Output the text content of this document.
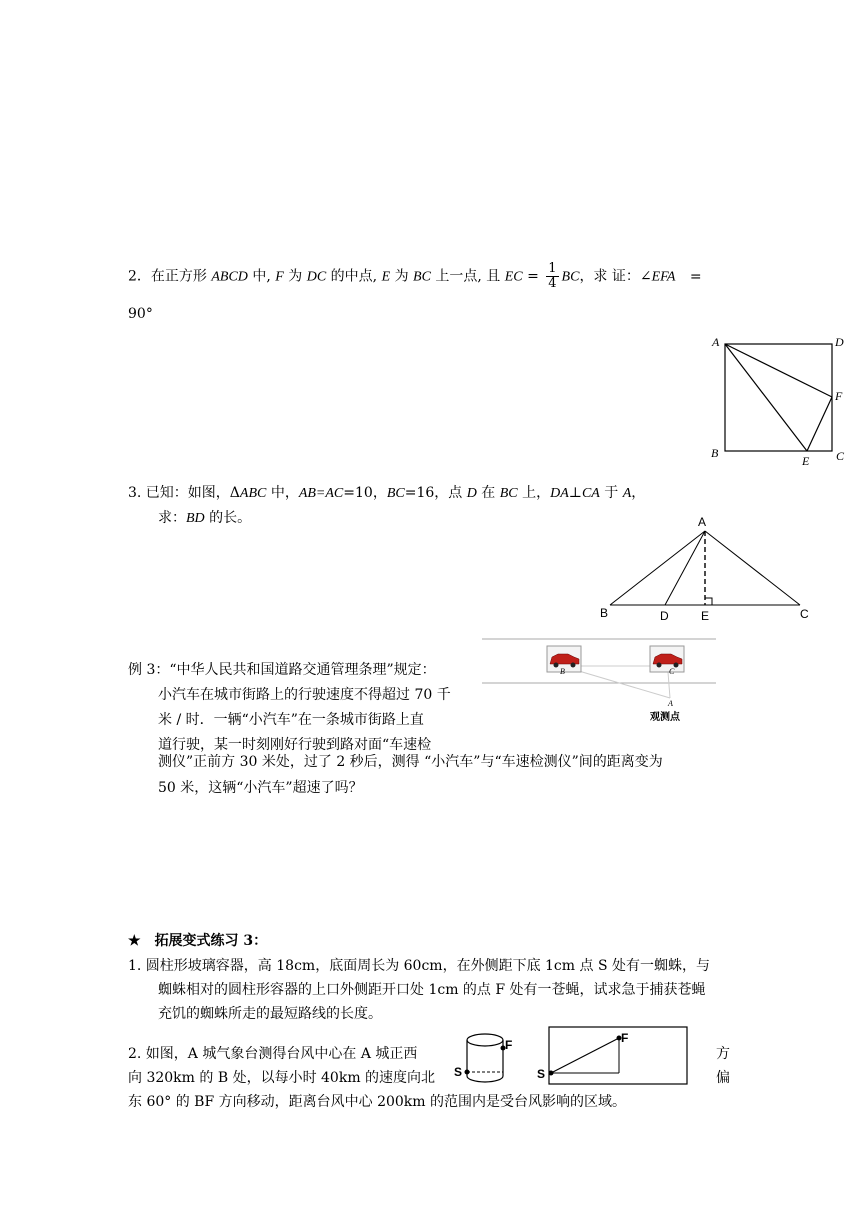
2．在正方形 ABCD 中, F 为 DC 的中点, E 为 BC 上一点, 且 EC = $\frac{1}{4}$ BC，求 证：∠EFA =
90°
A	D
F
B
E C
3. 已知：如图，ΔABC 中，AB=AC=10，BC=16，点 D 在 BC 上，DA⊥CA 于 A，
求：BD 的长。	A
B	D	E	C
例 3：“中华人民共和国道路交通管理条理”规定：
小汽车在城市街路上的行驶速度不得超过 70 千
米 / 时．一辆“小汽车”在一条城市街路上直
道行驶，某一时刻刚好行驶到路对面“车速检
测仪”正前方 30 米处，过了 2 秒后，测得 “小汽车”与“车速检测仪”间的距离变为
50 米，这辆“小汽车”超速了吗？
B	C
A
观测点
★ 拓展变式练习 3：
1. 圆柱形坡璃容器，高 18cm，底面周长为 60cm，在外侧距下底 1cm 点 S 处有一蜘蛛，与
蜘蛛相对的圆柱形容器的上口外侧距开口处 1cm 的点 F 处有一苍蝇，试求急于捕获苍蝇
充饥的蜘蛛所走的最短路线的长度。
2. 如图，A 城气象台测得台风中心在 A 城正西	方
向 320km 的 B 处，以每小时 40km 的速度向北	偏
东 60° 的 BF 方向移动，距离台风中心 200km 的范围内是受台风影响的区域。
F
S
F
S
